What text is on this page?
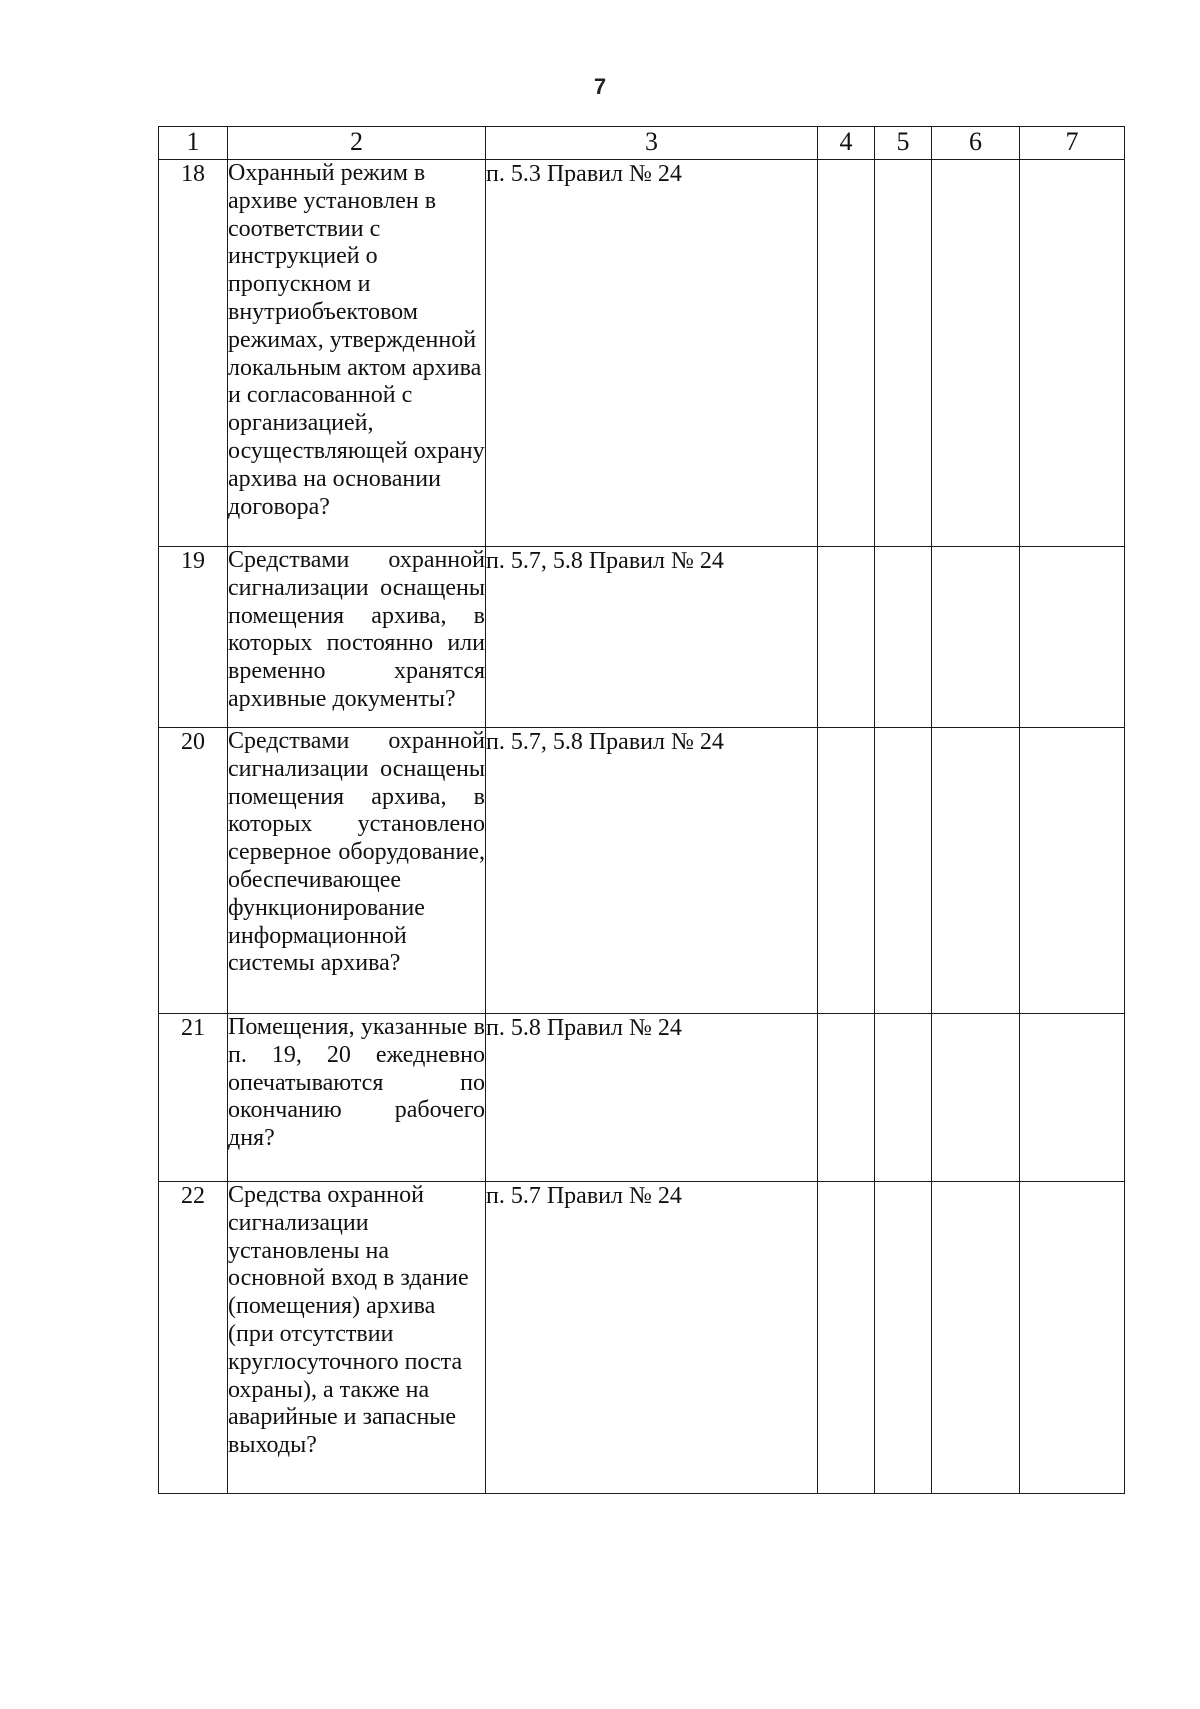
7
1	2	3	4	5	6	7
18	Охранный режим в архиве установлен в соответствии с инструкцией о пропускном и внутриобъектовом режимах, утвержденной локальным актом архива и согласованной с организацией, осуществляющей охрану архива на основании договора?	п. 5.3 Правил № 24				
19	Средствами охранной сигнализации оснащены помещения архива, в которых постоянно или временно хранятся архивные документы?	п. 5.7, 5.8 Правил № 24				
20	Средствами охранной сигнализации оснащены помещения архива, в которых установлено серверное оборудование, обеспечивающее функционирование информационной системы архива?	п. 5.7, 5.8 Правил № 24				
21	Помещения, указанные в п. 19, 20 ежедневно опечатываются по окончанию рабочего дня?	п. 5.8 Правил № 24				
22	Средства охранной сигнализации установлены на основной вход в здание (помещения) архива (при отсутствии круглосуточного поста охраны), а также на аварийные и запасные выходы?	п. 5.7 Правил № 24				
